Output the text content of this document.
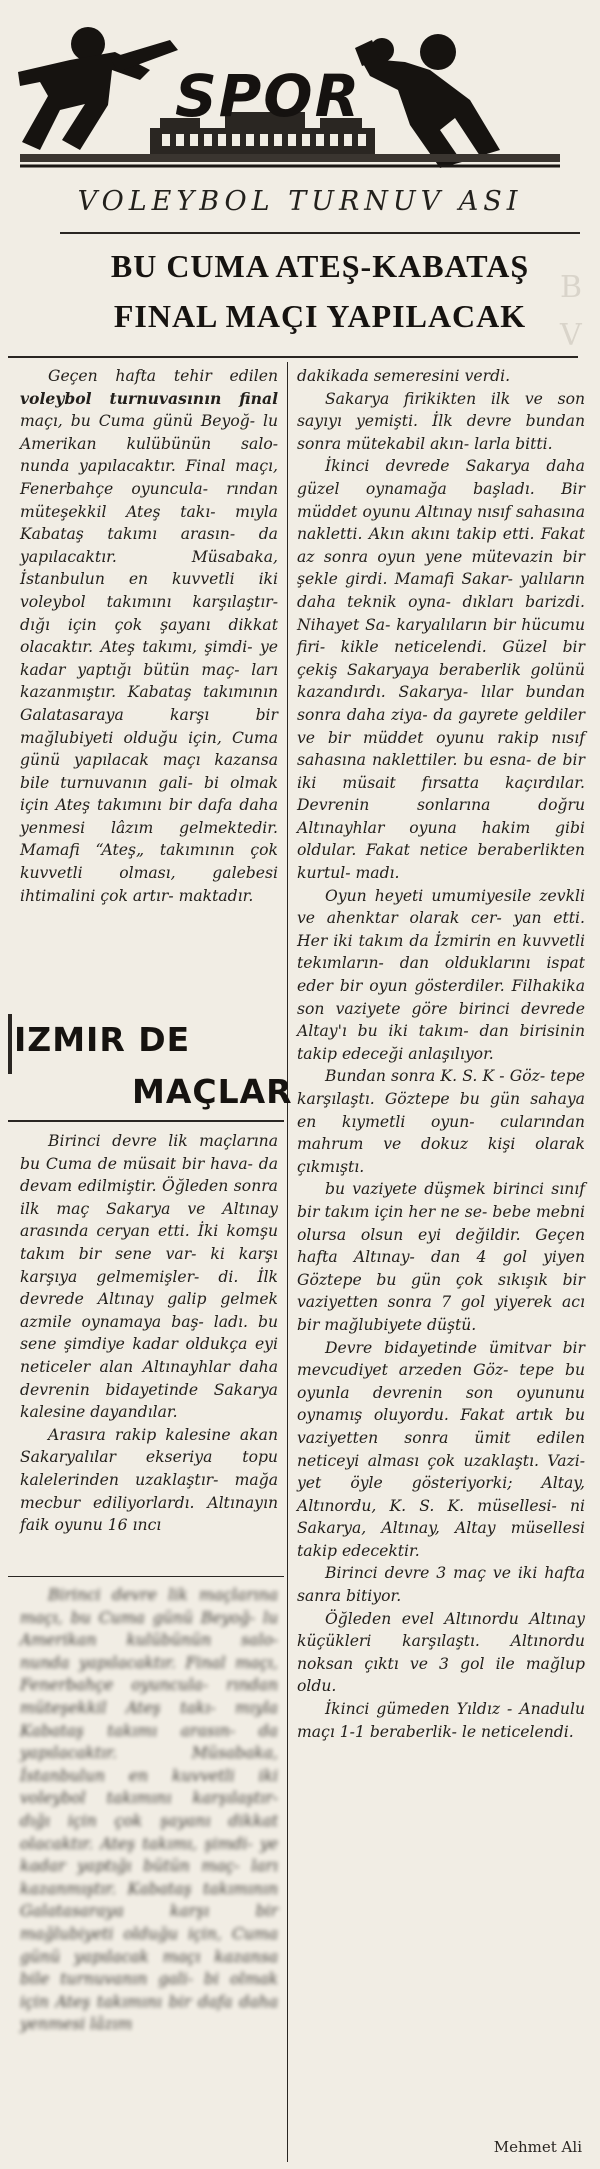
SPOR
VOLEYBOL TURNUV ASI
B
V
BU CUMA ATEŞ-KABATAŞ
FINAL MAÇI YAPILACAK

Geçen hafta tehir edilen voleybol turnuvasının final maçı, bu Cuma günü Beyoğ- lu Amerikan kulübünün salo- nunda yapılacaktır. Final maçı, Fenerbahçe oyuncula- rından müteşekkil Ateş takı- mıyla Kabataş takımı arasın- da yapılacaktır. Müsabaka, İstanbulun en kuvvetli iki voleybol takımını karşılaştır- dığı için çok şayanı dikkat olacaktır. Ateş takımı, şimdi- ye kadar yaptığı bütün maç- ları kazanmıştır. Kabataş takımının Galatasaraya karşı	bir mağlubiyeti olduğu için, Cuma günü yapılacak maçı kazansa bile turnuvanın gali- bi olmak için Ateş takımını bir dafa daha yenmesi lâzım gelmektedir. Mamafi “Ateş„ takımının çok kuvvetli olması, galebesi ihtimalini çok artır- maktadır.

IZMIR DE
MAÇLAR

Birinci devre lik maçlarına bu Cuma de müsait bir hava- da devam edilmiştir. Öğleden sonra ilk maç Sakarya ve Altınay arasında ceryan etti. İki komşu takım bir sene var- ki karşı karşıya gelmemişler- di. İlk devrede Altınay galip gelmek azmile oynamaya baş- ladı. bu sene şimdiye kadar oldukça eyi neticeler alan Altınayhlar daha devrenin bidayetinde Sakarya kalesine dayandılar.

Arasıra rakip kalesine akan Sakaryalılar ekseriya topu kalelerinden uzaklaştır- mağa mecbur ediliyorlardı. Altınayın faik oyunu 16 ıncı

Birinci devre lik maçlarına maçı, bu Cuma günü Beyoğ- lu Amerikan kulübünün salo- nunda yapılacaktır. Final maçı, Fenerbahçe oyuncula- rından müteşekkil Ateş takı- mıyla Kabataş takımı arasın- da yapılacaktır. Müsabaka, İstanbulun en kuvvetli iki voleybol takımını karşılaştır- dığı için çok şayanı dikkat olacaktır. Ateş takımı, şimdi- ye kadar yaptığı bütün maç- ları kazanmıştır. Kabataş takımının Galatasaraya karşı	bir mağlubiyeti olduğu için, Cuma günü yapılacak maçı kazansa bile turnuvanın gali- bi olmak için Ateş takımını bir dafa daha yenmesi lâzım

dakikada semeresini verdi.

Sakarya firikikten ilk ve son sayıyı yemişti. İlk devre bundan sonra mütekabil akın- larla bitti.

İkinci devrede Sakarya daha güzel oynamağa başladı. Bir müddet oyunu Altınay nısıf sahasına nakletti. Akın akını takip etti. Fakat az sonra oyun yene mütevazin bir şekle girdi. Mamafi Sakar- yalıların daha teknik oyna- dıkları barizdi. Nihayet Sa- karyalıların bir hücumu firi- kikle neticelendi. Güzel bir çekiş Sakaryaya beraberlik golünü kazandırdı. Sakarya- lılar bundan sonra daha ziya- da gayrete geldiler ve bir müddet oyunu rakip nısıf sahasına naklettiler. bu esna- de bir iki müsait fırsatta kaçırdılar. Devrenin sonlarına	doğru Altınayhlar oyuna hakim gibi oldular. Fakat netice beraberlikten kurtul- madı.

Oyun heyeti umumiyesile zevkli ve ahenktar olarak cer- yan etti. Her iki takım da İzmirin en kuvvetli tekımların- dan olduklarını ispat eder bir oyun gösterdiler. Filhakika son vaziyete göre birinci devrede Altay'ı bu iki takım- dan birisinin takip edeceği anlaşılıyor.

Bundan sonra K. S. K - Göz- tepe karşılaştı. Göztepe bu gün sahaya en kıymetli oyun- cularından mahrum ve dokuz kişi olarak çıkmıştı.

bu vaziyete düşmek birinci sınıf bir takım için her ne se- bebe mebni olursa olsun eyi değildir. Geçen hafta Altınay- dan 4 gol yiyen Göztepe bu gün çok sıkışık bir vaziyetten sonra 7 gol yiyerek acı bir mağlubiyete düştü.

Devre bidayetinde ümitvar bir mevcudiyet arzeden Göz- tepe bu oyunla devrenin son oyununu oynamış oluyordu. Fakat artık bu vaziyetten sonra ümit edilen neticeyi alması çok uzaklaştı. Vazi- yet öyle gösteriyorki; Altay, Altınordu, K. S. K. müsellesi- ni Sakarya, Altınay, Altay müsellesi takip edecektir.

Birinci devre 3 maç ve iki hafta sanra bitiyor.

Öğleden evel Altınordu Altınay küçükleri karşılaştı. Altınordu noksan çıktı ve 3 gol ile mağlup oldu.

İkinci gümeden Yıldız - Anadulu maçı 1-1 beraberlik- le neticelendi.

Mehmet Ali
